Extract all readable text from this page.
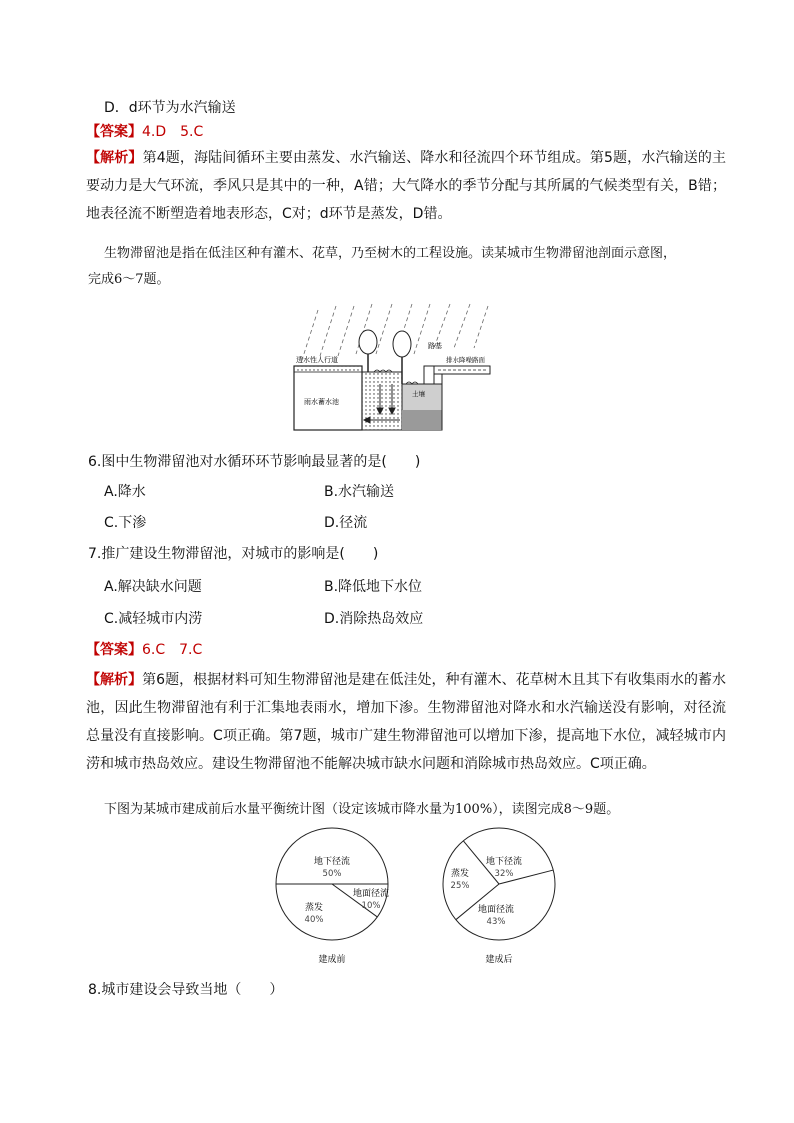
D．d环节为水汽输送
【答案】4.D　5.C
【解析】第4题，海陆间循环主要由蒸发、水汽输送、降水和径流四个环节组成。第5题，水汽输送的主要动力是大气环流，季风只是其中的一种，A错；大气降水的季节分配与其所属的气候类型有关，B错；地表径流不断塑造着地表形态，C对；d环节是蒸发，D错。
生物滞留池是指在低洼区种有灌木、花草，乃至树木的工程设施。读某城市生物滞留池剖面示意图，
完成6～7题。
透水性人行道
路基
排水降噪路面
土壤
雨水蓄水池
6.图中生物滞留池对水循环环节影响最显著的是(　　)
A.降水	B.水汽输送
C.下渗	D.径流
7.推广建设生物滞留池，对城市的影响是(　　)
A.解决缺水问题	B.降低地下水位
C.减轻城市内涝	D.消除热岛效应
【答案】6.C　7.C
【解析】第6题，根据材料可知生物滞留池是建在低洼处，种有灌木、花草树木且其下有收集雨水的蓄水池，因此生物滞留池有利于汇集地表雨水，增加下渗。生物滞留池对降水和水汽输送没有影响，对径流总量没有直接影响。C项正确。第7题，城市广建生物滞留池可以增加下渗，提高地下水位，减轻城市内涝和城市热岛效应。建设生物滞留池不能解决城市缺水问题和消除城市热岛效应。C项正确。
下图为某城市建成前后水量平衡统计图（设定该城市降水量为100%），读图完成8～9题。
地下径流
50%
地面径流
10%
蒸发
40%
建成前
地下径流
32%
地面径流
43%
蒸发
25%
建成后
8.城市建设会导致当地（　　）
